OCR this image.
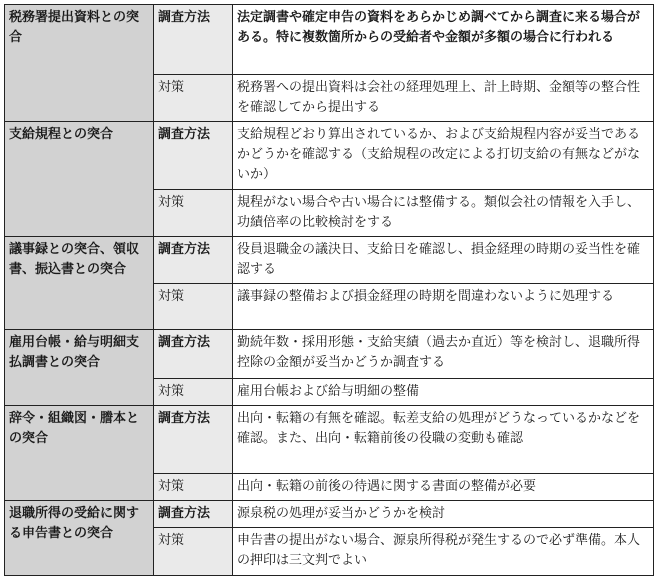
税務署提出資料との突合	調査方法	法定調書や確定申告の資料をあらかじめ調べてから調査に来る場合がある。特に複数箇所からの受給者や金額が多額の場合に行われる
	対策	税務署への提出資料は会社の経理処理上、計上時期、金額等の整合性を確認してから提出する
支給規程との突合	調査方法	支給規程どおり算出されているか、および支給規程内容が妥当であるかどうかを確認する（支給規程の改定による打切支給の有無などがないか）
	対策	規程がない場合や古い場合には整備する。類似会社の情報を入手し、功績倍率の比較検討をする
議事録との突合、領収書、振込書との突合	調査方法	役員退職金の議決日、支給日を確認し、損金経理の時期の妥当性を確認する
	対策	議事録の整備および損金経理の時期を間違わないように処理する
雇用台帳・給与明細支払調書との突合	調査方法	勤続年数・採用形態・支給実績（過去か直近）等を検討し、退職所得控除の金額が妥当かどうか調査する
	対策	雇用台帳および給与明細の整備
辞令・組織図・謄本との突合	調査方法	出向・転籍の有無を確認。転差支給の処理がどうなっているかなどを確認。また、出向・転籍前後の役職の変動も確認
	対策	出向・転籍の前後の待遇に関する書面の整備が必要
退職所得の受給に関する申告書との突合	調査方法	源泉税の処理が妥当かどうかを検討
	対策	申告書の提出がない場合、源泉所得税が発生するので必ず準備。本人の押印は三文判でよい
